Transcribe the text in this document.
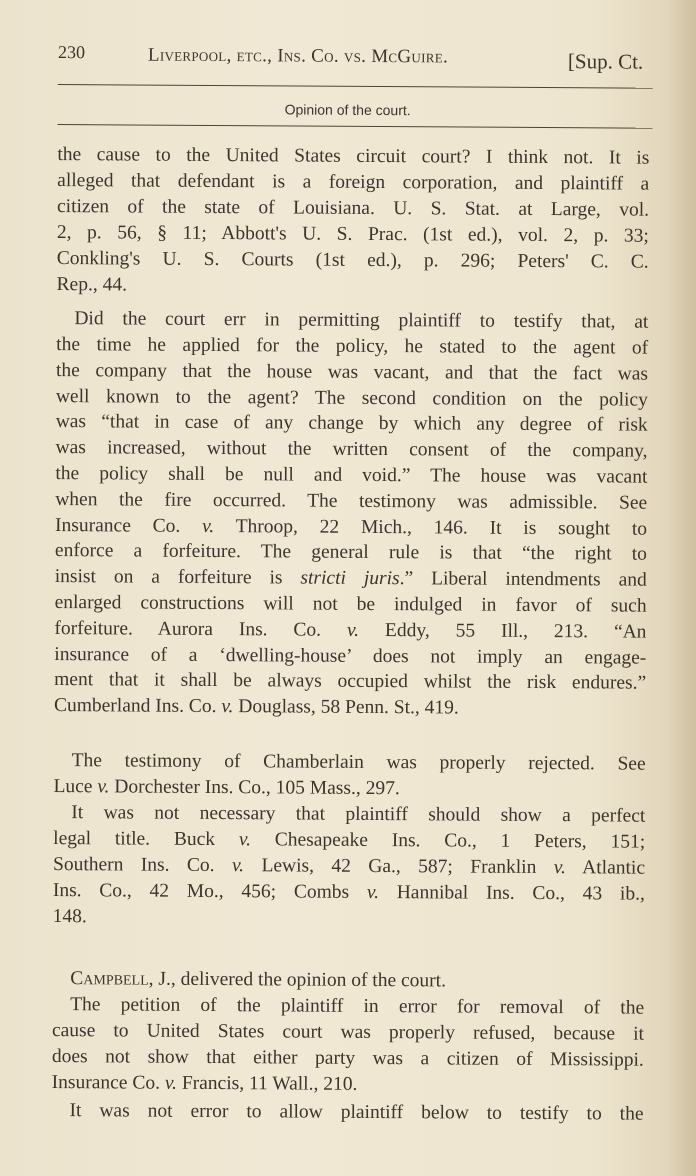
230	Liverpool, etc., Ins. Co. vs. McGuire.	[Sup. Ct.
Opinion of the court.
the cause to the United States circuit court? I think not. It is
alleged that defendant is a foreign corporation, and plaintiff a
citizen of the state of Louisiana. U. S. Stat. at Large, vol.
2, p. 56, § 11; Abbott's U. S. Prac. (1st ed.), vol. 2, p. 33;
Conkling's U. S. Courts (1st ed.), p. 296; Peters' C. C.
Rep., 44.
Did the court err in permitting plaintiff to testify that, at
the time he applied for the policy, he stated to the agent of
the company that the house was vacant, and that the fact was
well known to the agent? The second condition on the policy
was “that in case of any change by which any degree of risk
was increased, without the written consent of the company,
the policy shall be null and void.” The house was vacant
when the fire occurred. The testimony was admissible. See
Insurance Co. v. Throop, 22 Mich., 146. It is sought to
enforce a forfeiture. The general rule is that “the right to
insist on a forfeiture is stricti juris.” Liberal intendments and
enlarged constructions will not be indulged in favor of such
forfeiture. Aurora Ins. Co. v. Eddy, 55 Ill., 213. “An
insurance of a ‘dwelling-house’ does not imply an engage-
ment that it shall be always occupied whilst the risk endures.”
Cumberland Ins. Co. v. Douglass, 58 Penn. St., 419.
The testimony of Chamberlain was properly rejected. See
Luce v. Dorchester Ins. Co., 105 Mass., 297.
It was not necessary that plaintiff should show a perfect
legal title. Buck v. Chesapeake Ins. Co., 1 Peters, 151;
Southern Ins. Co. v. Lewis, 42 Ga., 587; Franklin v. Atlantic
Ins. Co., 42 Mo., 456; Combs v. Hannibal Ins. Co., 43 ib.,
148.
Campbell, J., delivered the opinion of the court.
The petition of the plaintiff in error for removal of the
cause to United States court was properly refused, because it
does not show that either party was a citizen of Mississippi.
Insurance Co. v. Francis, 11 Wall., 210.
It was not error to allow plaintiff below to testify to the
